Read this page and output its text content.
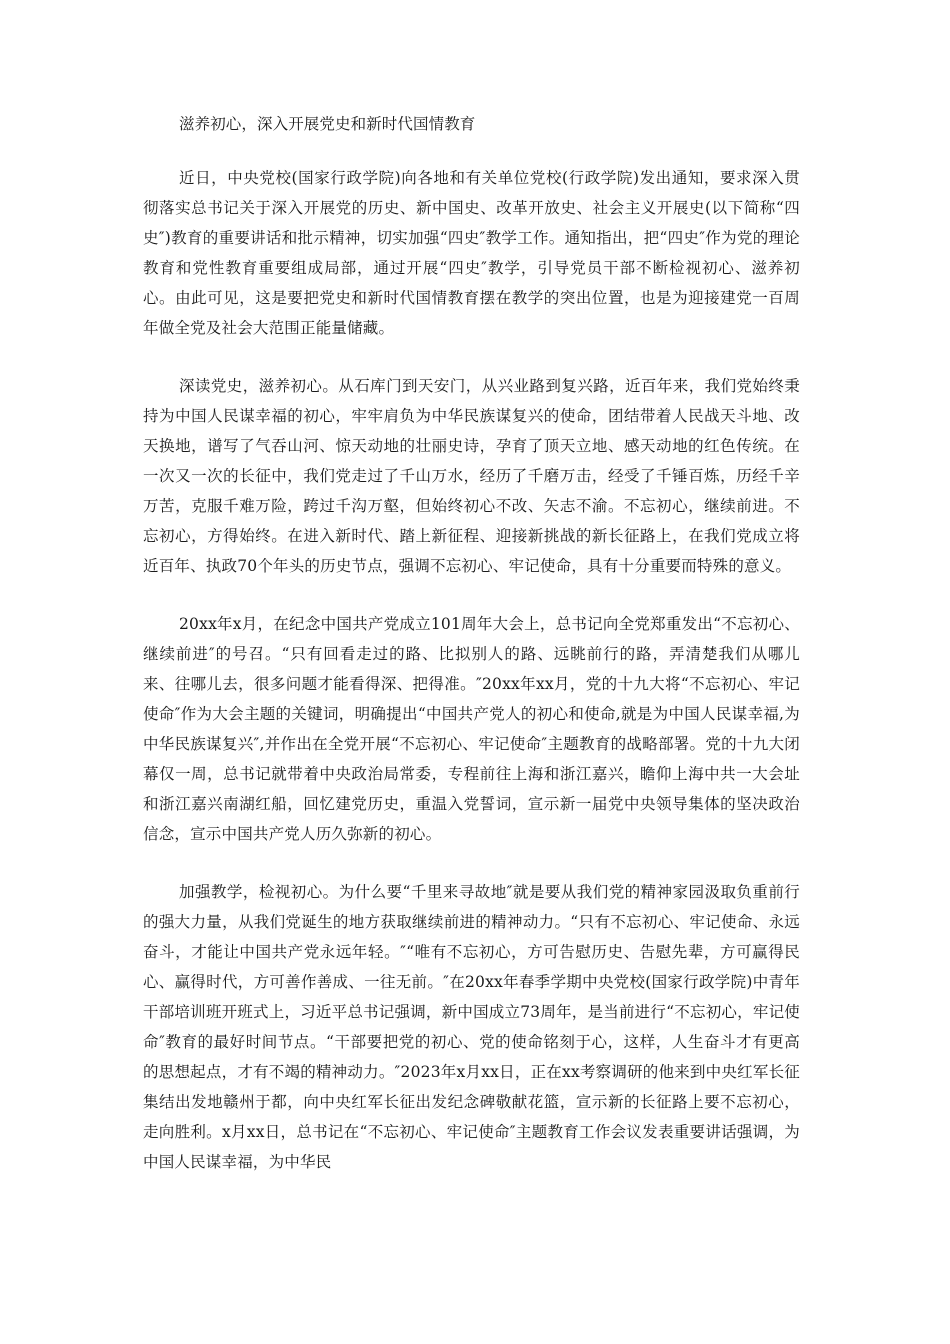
滋养初心，深入开展党史和新时代国情教育

近日，中央党校(国家行政学院)向各地和有关单位党校(行政学院)发出通知，要求深入贯彻落实总书记关于深入开展党的历史、新中国史、改革开放史、社会主义开展史(以下简称“四史″)教育的重要讲话和批示精神，切实加强“四史″教学工作。通知指出，把“四史″作为党的理论教育和党性教育重要组成局部，通过开展“四史″教学，引导党员干部不断检视初心、滋养初心。由此可见，这是要把党史和新时代国情教育摆在教学的突出位置，也是为迎接建党一百周年做全党及社会大范围正能量储藏。

深读党史，滋养初心。从石库门到天安门，从兴业路到复兴路，近百年来，我们党始终秉持为中国人民谋幸福的初心，牢牢肩负为中华民族谋复兴的使命，团结带着人民战天斗地、改天换地，谱写了气吞山河、惊天动地的壮丽史诗，孕育了顶天立地、感天动地的红色传统。在一次又一次的长征中，我们党走过了千山万水，经历了千磨万击，经受了千锤百炼，历经千辛万苦，克服千难万险，跨过千沟万壑，但始终初心不改、矢志不渝。不忘初心，继续前进。不忘初心，方得始终。在进入新时代、踏上新征程、迎接新挑战的新长征路上，在我们党成立将近百年、执政70个年头的历史节点，强调不忘初心、牢记使命，具有十分重要而特殊的意义。

20xx年x月，在纪念中国共产党成立101周年大会上，总书记向全党郑重发出“不忘初心、继续前进″的号召。“只有回看走过的路、比拟别人的路、远眺前行的路，弄清楚我们从哪儿来、往哪儿去，很多问题才能看得深、把得准。″20xx年xx月，党的十九大将“不忘初心、牢记使命″作为大会主题的关键词，明确提出“中国共产党人的初心和使命,就是为中国人民谋幸福,为中华民族谋复兴″,并作出在全党开展“不忘初心、牢记使命″主题教育的战略部署。党的十九大闭幕仅一周，总书记就带着中央政治局常委，专程前往上海和浙江嘉兴，瞻仰上海中共一大会址和浙江嘉兴南湖红船，回忆建党历史，重温入党誓词，宣示新一届党中央领导集体的坚决政治信念，宣示中国共产党人历久弥新的初心。

加强教学，检视初心。为什么要“千里来寻故地″就是要从我们党的精神家园汲取负重前行的强大力量，从我们党诞生的地方获取继续前进的精神动力。“只有不忘初心、牢记使命、永远奋斗，才能让中国共产党永远年轻。″“唯有不忘初心，方可告慰历史、告慰先辈，方可赢得民心、赢得时代，方可善作善成、一往无前。″在20xx年春季学期中央党校(国家行政学院)中青年干部培训班开班式上，习近平总书记强调，新中国成立73周年，是当前进行“不忘初心，牢记使命″教育的最好时间节点。“干部要把党的初心、党的使命铭刻于心，这样，人生奋斗才有更高的思想起点，才有不竭的精神动力。″2023年x月xx日，正在xx考察调研的他来到中央红军长征集结出发地赣州于都，向中央红军长征出发纪念碑敬献花篮，宣示新的长征路上要不忘初心，走向胜利。x月xx日，总书记在“不忘初心、牢记使命″主题教育工作会议发表重要讲话强调，为中国人民谋幸福，为中华民
